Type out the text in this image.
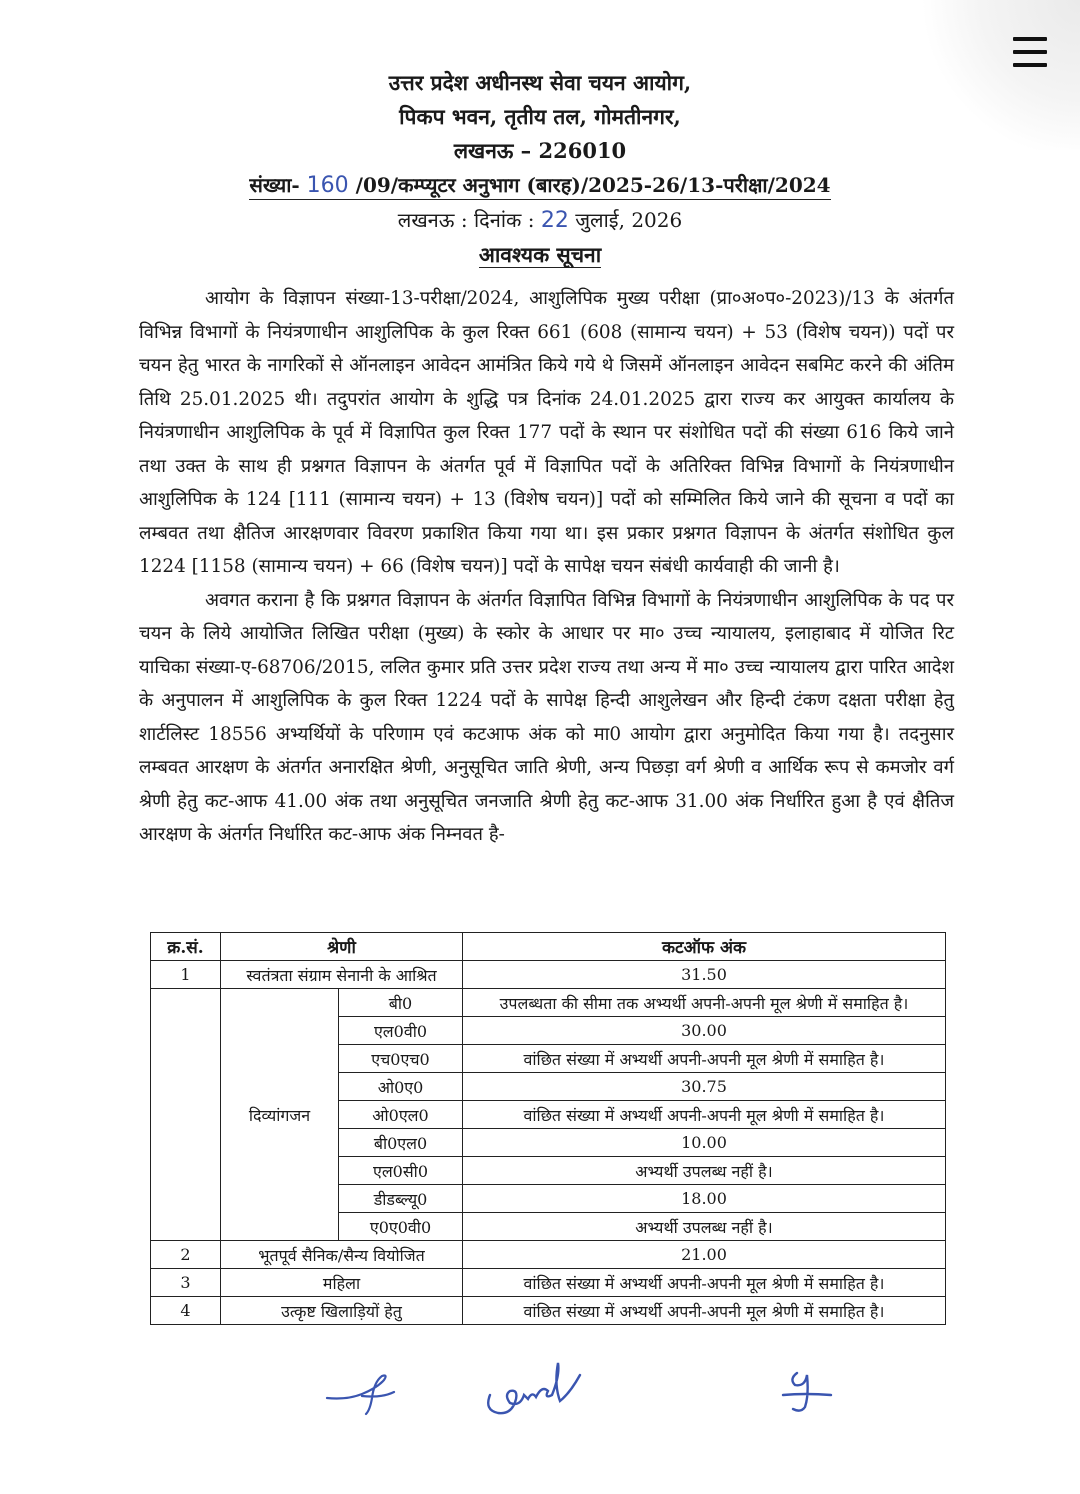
उत्तर प्रदेश अधीनस्थ सेवा चयन आयोग,
पिकप भवन, तृतीय तल, गोमतीनगर,
लखनऊ – 226010
संख्या- 160 /09/कम्प्यूटर अनुभाग (बारह)/2025-26/13-परीक्षा/2024
लखनऊ : दिनांक : 22 जुलाई, 2026
आवश्यक सूचना

आयोग के विज्ञापन संख्या-13-परीक्षा/2024, आशुलिपिक मुख्य परीक्षा (प्रा०अ०प०-2023)/13 के अंतर्गत विभिन्न विभागों के नियंत्रणाधीन आशुलिपिक के कुल रिक्त 661 (608 (सामान्य चयन) + 53 (विशेष चयन)) पदों पर चयन हेतु भारत के नागरिकों से ऑनलाइन आवेदन आमंत्रित किये गये थे जिसमें ऑनलाइन आवेदन सबमिट करने की अंतिम तिथि 25.01.2025 थी। तदुपरांत आयोग के शुद्धि पत्र दिनांक 24.01.2025 द्वारा राज्य कर आयुक्त कार्यालय के नियंत्रणाधीन आशुलिपिक के पूर्व में विज्ञापित कुल रिक्त 177 पदों के स्थान पर संशोधित पदों की संख्या 616 किये जाने तथा उक्त के साथ ही प्रश्नगत विज्ञापन के अंतर्गत पूर्व में विज्ञापित पदों के अतिरिक्त विभिन्न विभागों के नियंत्रणाधीन आशुलिपिक के 124 [111 (सामान्य चयन) + 13 (विशेष चयन)] पदों को सम्मिलित किये जाने की सूचना व पदों का लम्बवत तथा क्षैतिज आरक्षणवार विवरण प्रकाशित किया गया था। इस प्रकार प्रश्नगत विज्ञापन के अंतर्गत संशोधित कुल 1224 [1158 (सामान्य चयन) + 66 (विशेष चयन)] पदों के सापेक्ष चयन संबंधी कार्यवाही की जानी है।

अवगत कराना है कि प्रश्नगत विज्ञापन के अंतर्गत विज्ञापित विभिन्न विभागों के नियंत्रणाधीन आशुलिपिक के पद पर चयन के लिये आयोजित लिखित परीक्षा (मुख्य) के स्कोर के आधार पर मा० उच्च न्यायालय, इलाहाबाद में योजित रिट याचिका संख्या-ए-68706/2015, ललित कुमार प्रति उत्तर प्रदेश राज्य तथा अन्य में मा० उच्च न्यायालय द्वारा पारित आदेश के अनुपालन में आशुलिपिक के कुल रिक्त 1224 पदों के सापेक्ष हिन्दी आशुलेखन और हिन्दी टंकण दक्षता परीक्षा हेतु शार्टलिस्ट 18556 अभ्यर्थियों के परिणाम एवं कटआफ अंक को मा0 आयोग द्वारा अनुमोदित किया गया है। तदनुसार लम्बवत आरक्षण के अंतर्गत अनारक्षित श्रेणी, अनुसूचित जाति श्रेणी, अन्य पिछड़ा वर्ग श्रेणी व आर्थिक रूप से कमजोर वर्ग श्रेणी हेतु कट-आफ 41.00 अंक तथा अनुसूचित जनजाति श्रेणी हेतु कट-आफ 31.00 अंक निर्धारित हुआ है एवं क्षैतिज आरक्षण के अंतर्गत निर्धारित कट-आफ अंक निम्नवत है-

क्र.सं.	श्रेणी		कटऑफ अंक
1	स्वतंत्रता संग्राम सेनानी के आश्रित		31.50
	दिव्यांगजन	बी0	उपलब्धता की सीमा तक अभ्यर्थी अपनी-अपनी मूल श्रेणी में समाहित है।
		एल0वी0	30.00
		एच0एच0	वांछित संख्या में अभ्यर्थी अपनी-अपनी मूल श्रेणी में समाहित है।
		ओ0ए0	30.75
		ओ0एल0	वांछित संख्या में अभ्यर्थी अपनी-अपनी मूल श्रेणी में समाहित है।
		बी0एल0	10.00
		एल0सी0	अभ्यर्थी उपलब्ध नहीं है।
		डीडब्ल्यू0	18.00
		ए0ए0वी0	अभ्यर्थी उपलब्ध नहीं है।
2	भूतपूर्व सैनिक/सैन्य वियोजित		21.00
3	महिला		वांछित संख्या में अभ्यर्थी अपनी-अपनी मूल श्रेणी में समाहित है।
4	उत्कृष्ट खिलाड़ियों हेतु		वांछित संख्या में अभ्यर्थी अपनी-अपनी मूल श्रेणी में समाहित है।
